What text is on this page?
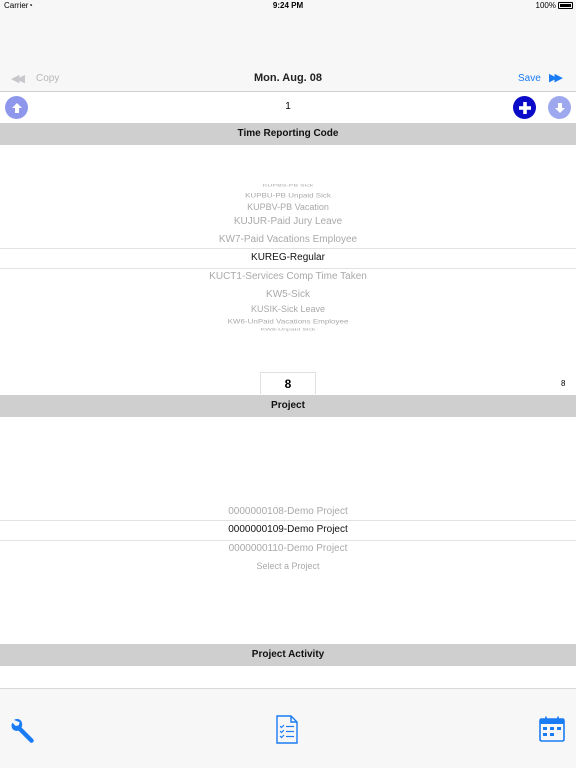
Carrier ◔	9:24 PM	100%
◀◀ Copy	Mon. Aug. 08	Save ▶▶
1
Time Reporting Code
KUPBS-PB Sick
KUPBU-PB Unpaid Sick
KUPBV-PB Vacation
KUJUR-Paid Jury Leave
KW7-Paid Vacations Employee
KUREG-Regular
KUCT1-Services Comp Time Taken
KW5-Sick
KUSIK-Sick Leave
KW6-UnPaid Vacations Employee
KW8-Unpaid Sick
8	8
Project
0000000108-Demo Project
0000000109-Demo Project
0000000110-Demo Project
Select a Project
Project Activity
